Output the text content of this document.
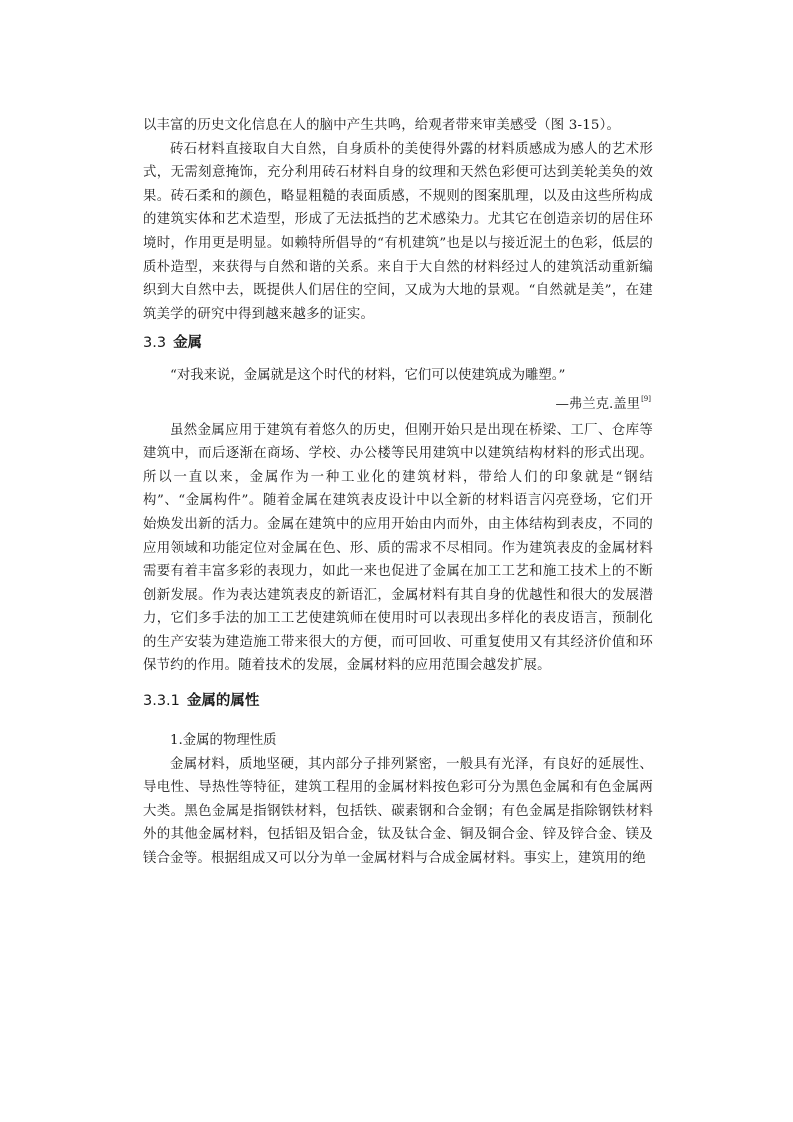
以丰富的历史文化信息在人的脑中产生共鸣，给观者带来审美感受（图 3-15）。

砖石材料直接取自大自然，自身质朴的美使得外露的材料质感成为感人的艺术形式，无需刻意掩饰，充分利用砖石材料自身的纹理和天然色彩便可达到美轮美奂的效果。砖石柔和的颜色，略显粗糙的表面质感，不规则的图案肌理，以及由这些所构成的建筑实体和艺术造型，形成了无法抵挡的艺术感染力。尤其它在创造亲切的居住环境时，作用更是明显。如赖特所倡导的“有机建筑”也是以与接近泥土的色彩，低层的质朴造型，来获得与自然和谐的关系。来自于大自然的材料经过人的建筑活动重新编织到大自然中去，既提供人们居住的空间，又成为大地的景观。“自然就是美”，在建筑美学的研究中得到越来越多的证实。

3.3 金属

“对我来说，金属就是这个时代的材料，它们可以使建筑成为雕塑。”

—弗兰克.盖里[9]

虽然金属应用于建筑有着悠久的历史，但刚开始只是出现在桥梁、工厂、仓库等建筑中，而后逐渐在商场、学校、办公楼等民用建筑中以建筑结构材料的形式出现。所以一直以来，金属作为一种工业化的建筑材料，带给人们的印象就是“钢结构”、“金属构件”。随着金属在建筑表皮设计中以全新的材料语言闪亮登场，它们开始焕发出新的活力。金属在建筑中的应用开始由内而外，由主体结构到表皮，不同的应用领域和功能定位对金属在色、形、质的需求不尽相同。作为建筑表皮的金属材料需要有着丰富多彩的表现力，如此一来也促进了金属在加工工艺和施工技术上的不断创新发展。作为表达建筑表皮的新语汇，金属材料有其自身的优越性和很大的发展潜力，它们多手法的加工工艺使建筑师在使用时可以表现出多样化的表皮语言，预制化的生产安装为建造施工带来很大的方便，而可回收、可重复使用又有其经济价值和环保节约的作用。随着技术的发展，金属材料的应用范围会越发扩展。

3.3.1 金属的属性

1.金属的物理性质

金属材料，质地坚硬，其内部分子排列紧密，一般具有光泽，有良好的延展性、导电性、导热性等特征，建筑工程用的金属材料按色彩可分为黑色金属和有色金属两大类。黑色金属是指钢铁材料，包括铁、碳素钢和合金钢；有色金属是指除钢铁材料外的其他金属材料，包括铝及铝合金，钛及钛合金、铜及铜合金、锌及锌合金、镁及镁合金等。根据组成又可以分为单一金属材料与合成金属材料。事实上，建筑用的绝
